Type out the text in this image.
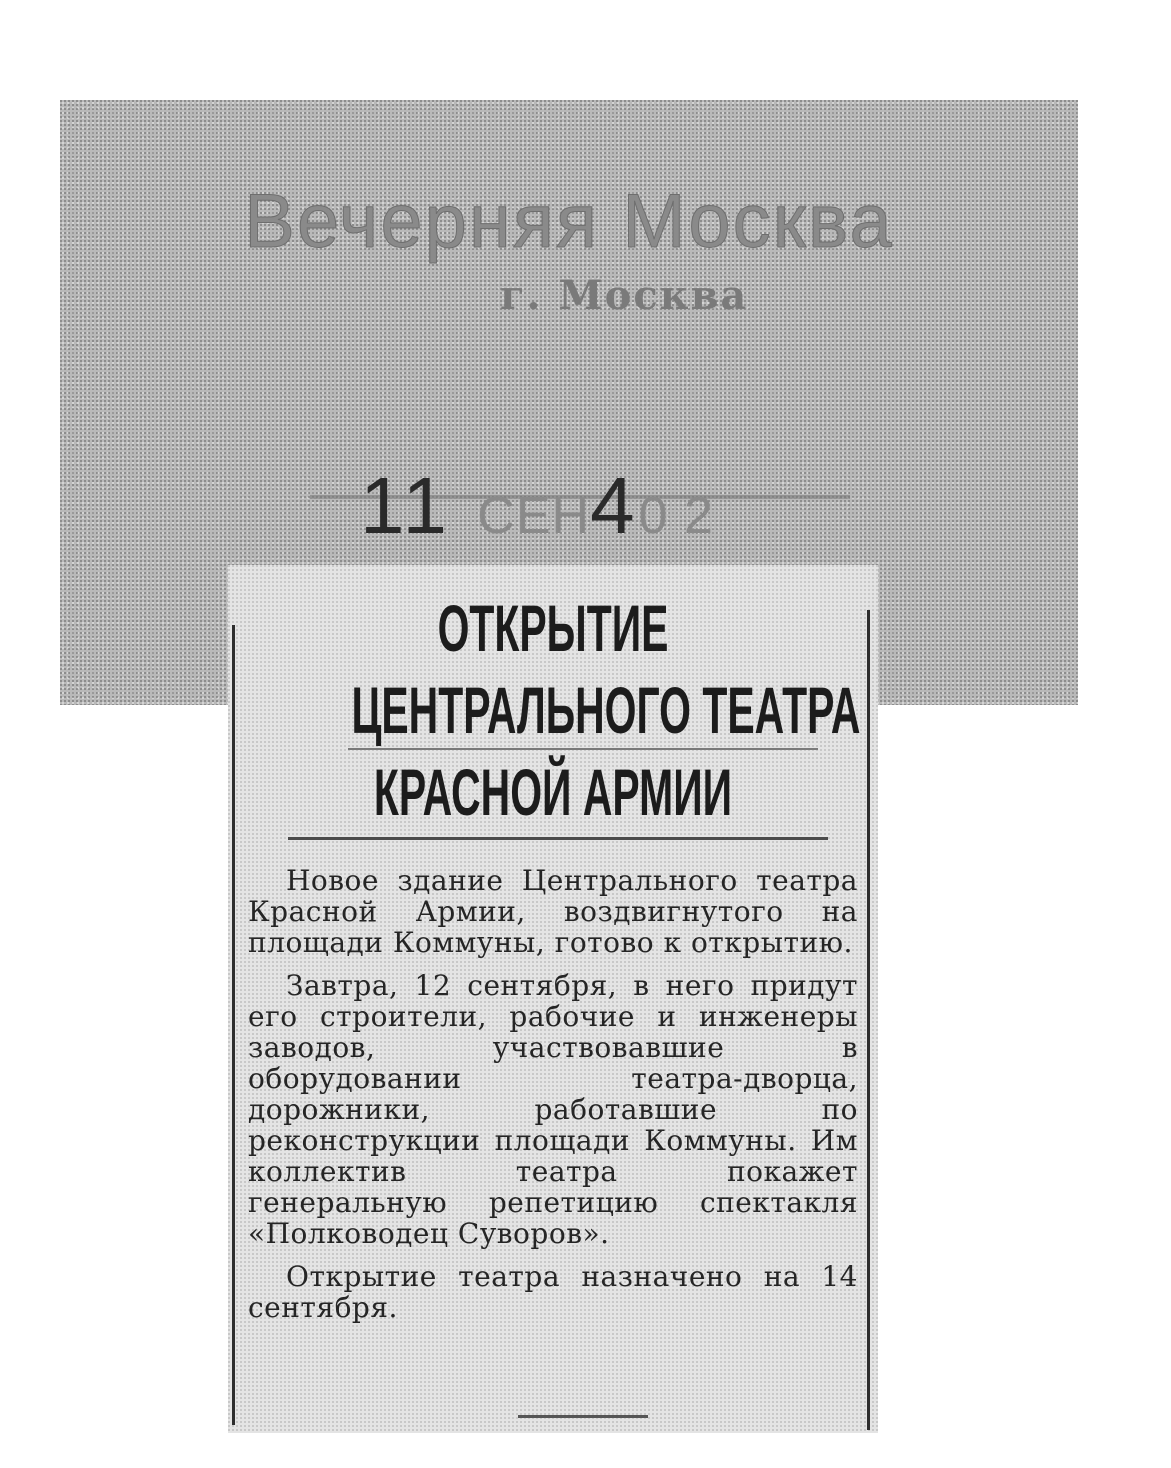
Вечерняя Москва
г. Москва
11 СЕН40 2
ОТКРЫТИЕ
ЦЕНТРАЛЬНОГО ТЕАТРА
КРАСНОЙ АРМИИ

Новое здание Центрального театра Красной Армии, воздвигнутого на площади Коммуны, готово к открытию.

Завтра, 12 сентября, в него придут его строители, рабочие и инженеры заводов, участвовавшие в оборудовании театра-дворца, дорожники, работавшие по реконструкции площади Коммуны. Им коллектив театра покажет генеральную репетицию спектакля «Полководец Суворов».

Открытие театра назначено на 14 сентября.
